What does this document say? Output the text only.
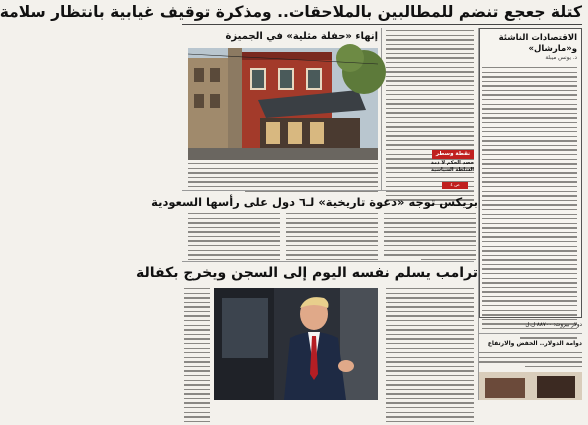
كتلة جعجع تنضم للمطالبين بالملاحقات.. ومذكرة توقيف غيابية بانتظار سلامة
الاقتصادات الناشئة و«مارشال»
د. يونس ميبلة
نقطة وسطر
حصد الحكم لا ذمة السلطة السياسية
ص ٤
إنهاء «حفلة مثلية» في الجميزة
بريكس توجه «دعوة تاريخية» لـ٦ دول على رأسها السعودية
ترامب يسلم نفسه اليوم إلى السجن ويخرج بكفالة
دولار بيروت: ٨٨٧٠٠ ل.ل
دوامة الدولار.. الخفض والارتفاع
